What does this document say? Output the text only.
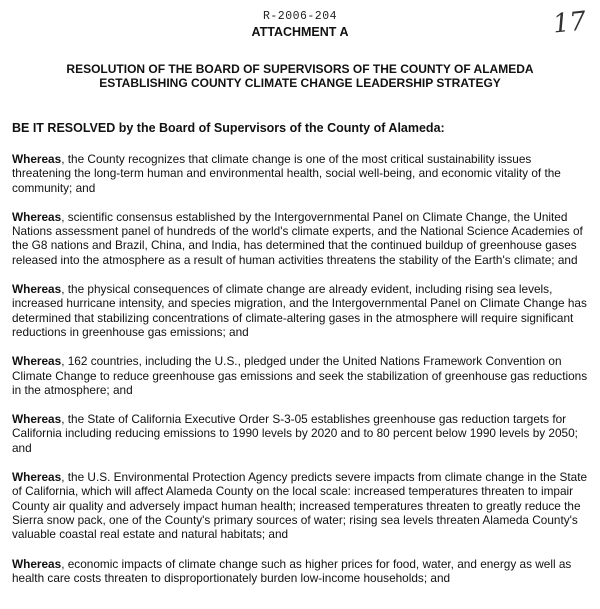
17
R-2006-204
ATTACHMENT A
RESOLUTION OF THE BOARD OF SUPERVISORS OF THE COUNTY OF ALAMEDA
ESTABLISHING COUNTY CLIMATE CHANGE LEADERSHIP STRATEGY
BE IT RESOLVED by the Board of Supervisors of the County of Alameda:

Whereas, the County recognizes that climate change is one of the most critical sustainability issues threatening the long-term human and environmental health, social well-being, and economic vitality of the community; and

Whereas, scientific consensus established by the Intergovernmental Panel on Climate Change, the United Nations assessment panel of hundreds of the world's climate experts, and the National Science Academies of the G8 nations and Brazil, China, and India, has determined that the continued buildup of greenhouse gases released into the atmosphere as a result of human activities threatens the stability of the Earth's climate; and

Whereas, the physical consequences of climate change are already evident, including rising sea levels, increased hurricane intensity, and species migration, and the Intergovernmental Panel on Climate Change has determined that stabilizing concentrations of climate-altering gases in the atmosphere will require significant reductions in greenhouse gas emissions; and

Whereas, 162 countries, including the U.S., pledged under the United Nations Framework Convention on Climate Change to reduce greenhouse gas emissions and seek the stabilization of greenhouse gas reductions in the atmosphere; and

Whereas, the State of California Executive Order S-3-05 establishes greenhouse gas reduction targets for California including reducing emissions to 1990 levels by 2020 and to 80 percent below 1990 levels by 2050; and

Whereas, the U.S. Environmental Protection Agency predicts severe impacts from climate change in the State of California, which will affect Alameda County on the local scale: increased temperatures threaten to impair County air quality and adversely impact human health; increased temperatures threaten to greatly reduce the Sierra snow pack, one of the County's primary sources of water; rising sea levels threaten Alameda County's valuable coastal real estate and natural habitats; and

Whereas, economic impacts of climate change such as higher prices for food, water, and energy as well as health care costs threaten to disproportionately burden low-income households; and
